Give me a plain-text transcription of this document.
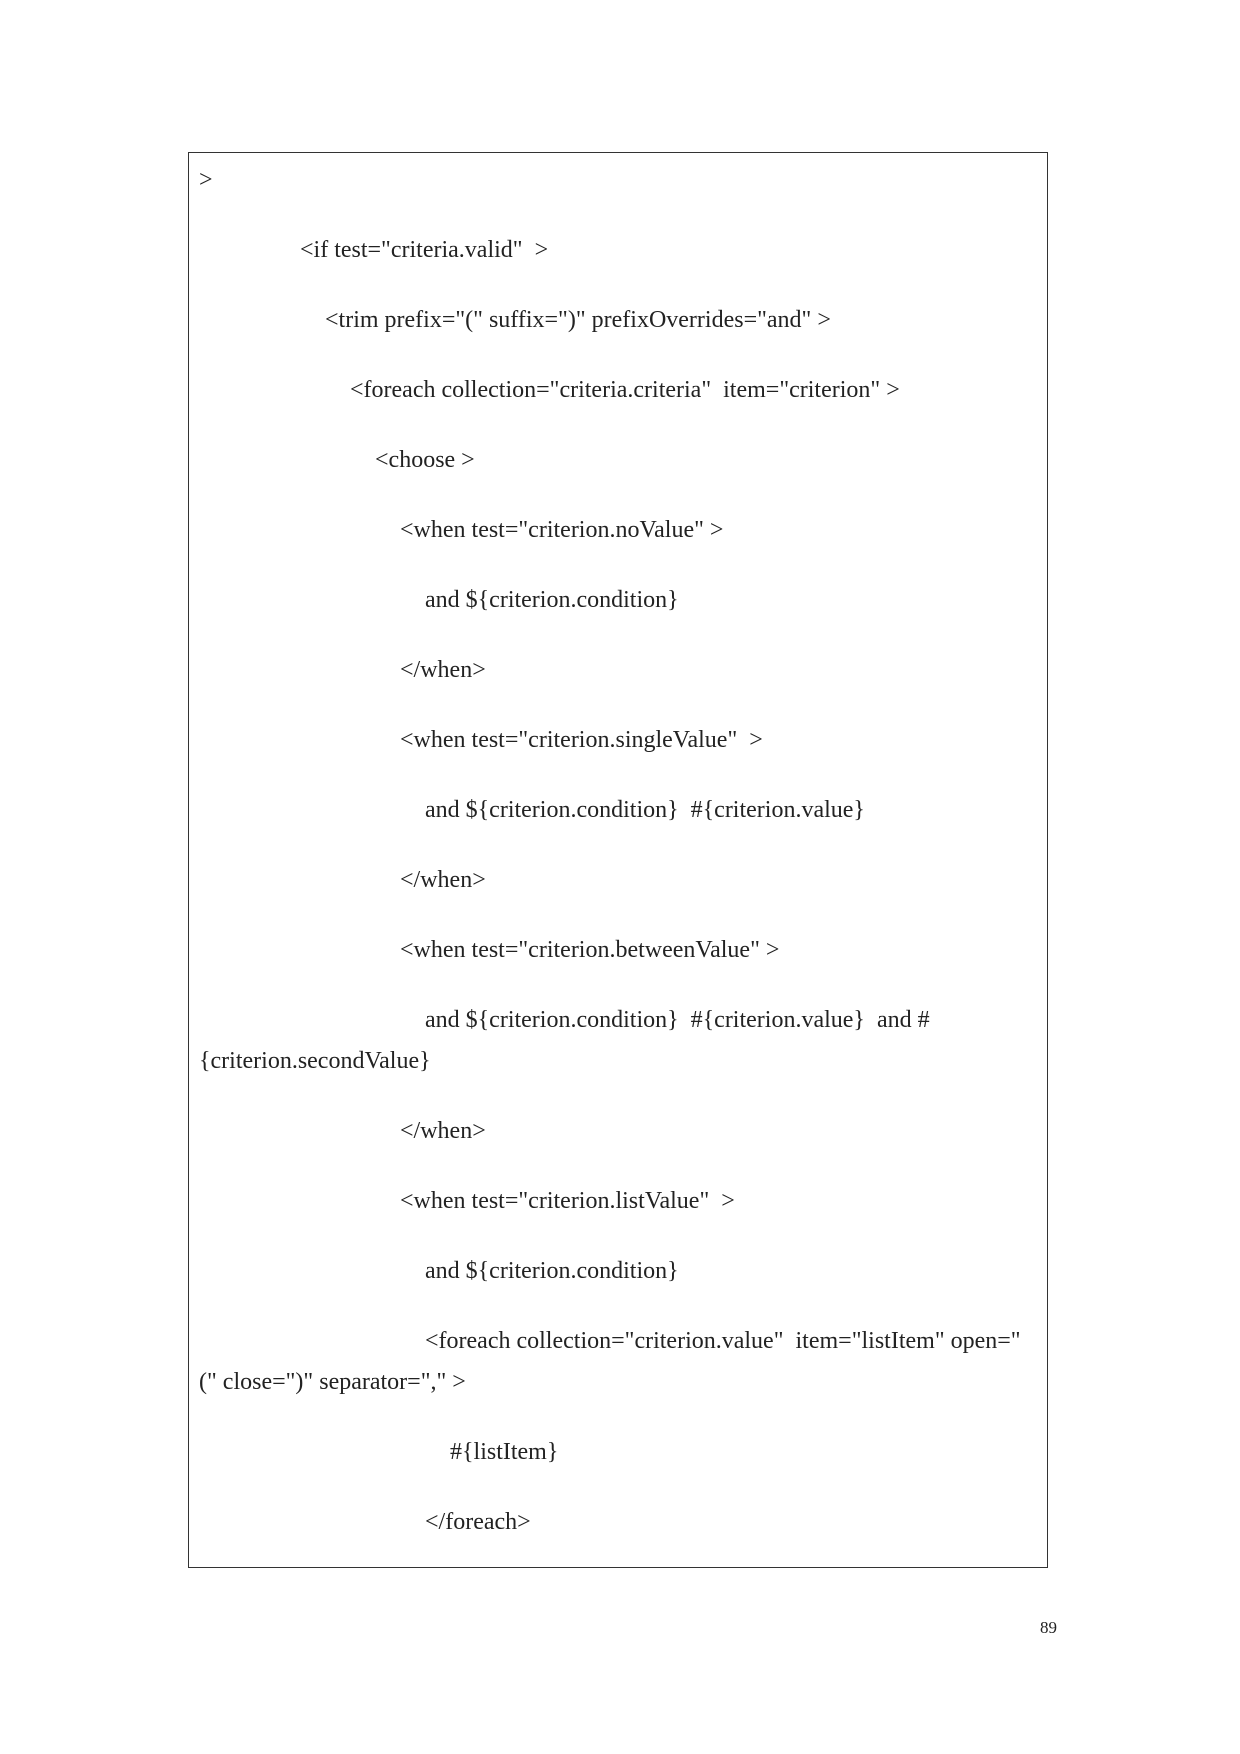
>
<if test="criteria.valid"  >
<trim prefix="(" suffix=")" prefixOverrides="and" >
<foreach collection="criteria.criteria"  item="criterion" >
<choose >
<when test="criterion.noValue" >
and ${criterion.condition}
</when>
<when test="criterion.singleValue"  >
and ${criterion.condition}  #{criterion.value}
</when>
<when test="criterion.betweenValue" >
and ${criterion.condition}  #{criterion.value}  and #{criterion.secondValue}
</when>
<when test="criterion.listValue"  >
and ${criterion.condition}
<foreach collection="criterion.value"  item="listItem" open="(" close=")" separator="," >
#{listItem}
</foreach>
89
